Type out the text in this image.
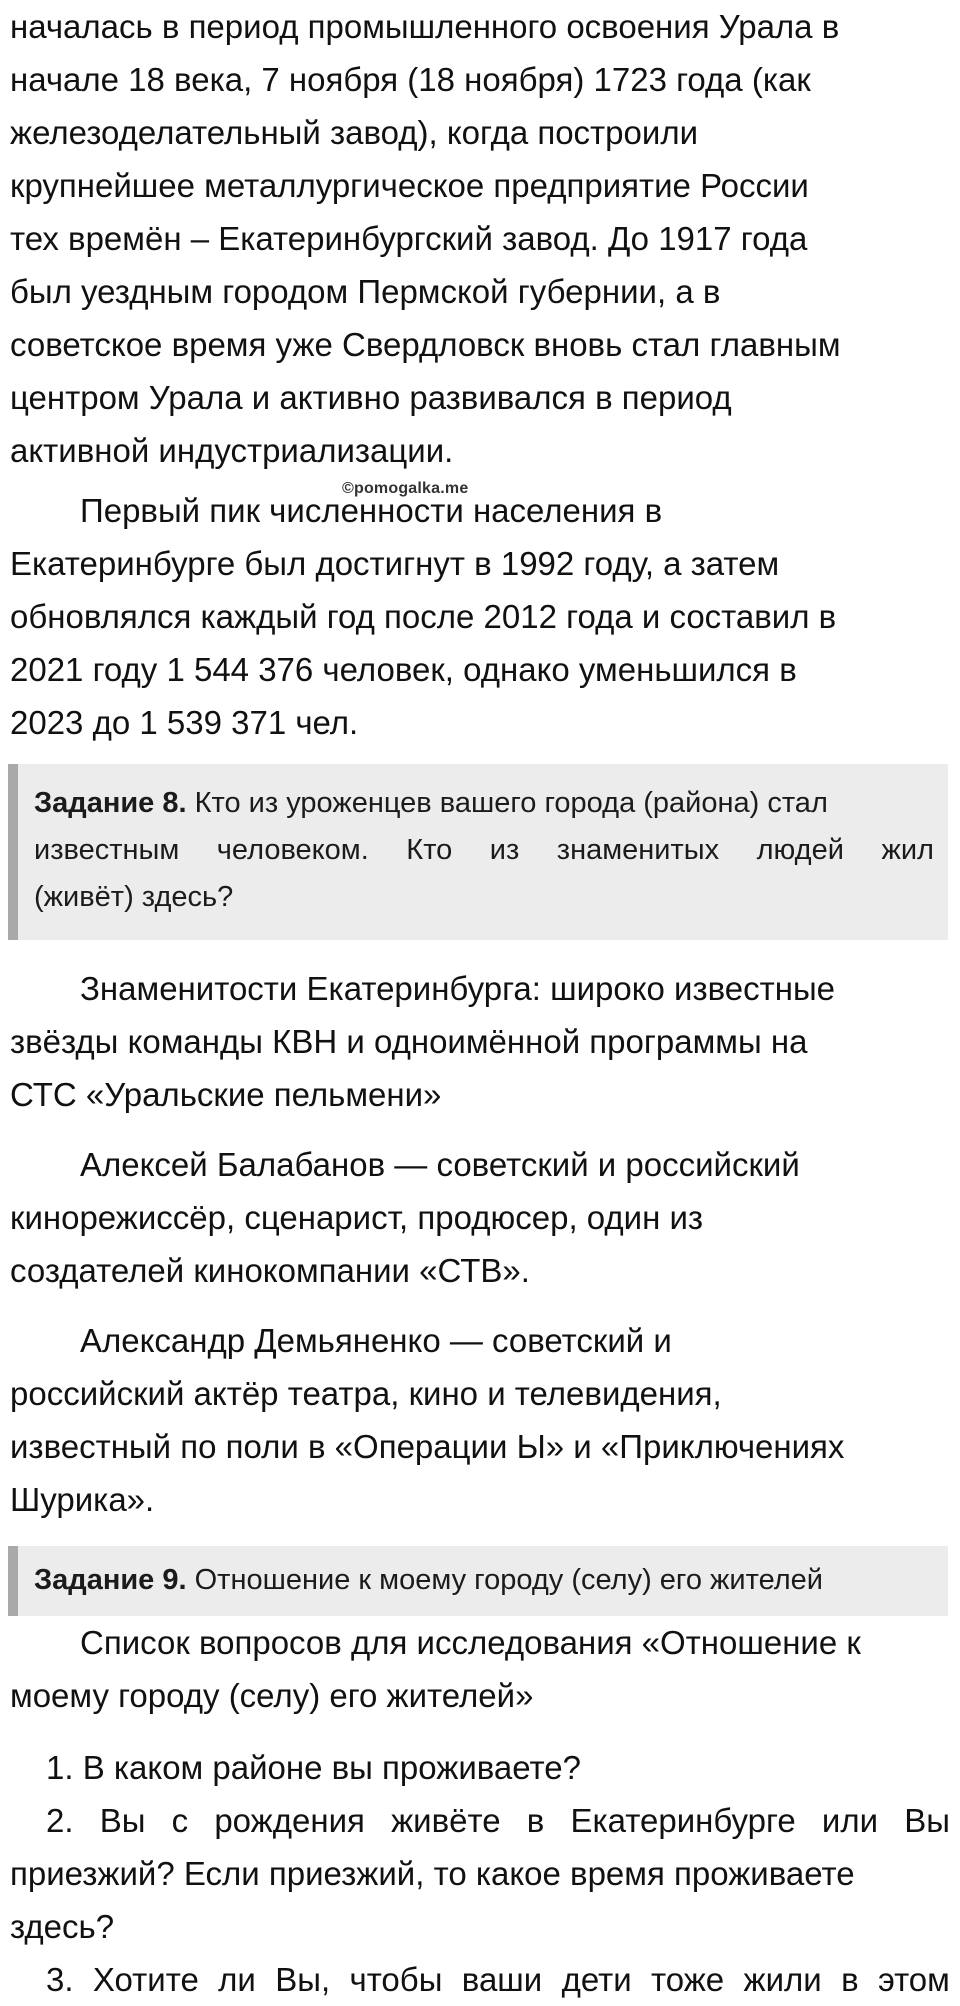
началась в период промышленного освоения Урала в
начале 18 века, 7 ноября (18 ноября) 1723 года (как
железоделательный завод), когда построили
крупнейшее металлургическое предприятие России
тех времён – Екатеринбургский завод. До 1917 года
был уездным городом Пермской губернии, а в
советское время уже Свердловск вновь стал главным
центром Урала и активно развивался в период
активной индустриализации.
©pomogalka.me
Первый пик численности населения в
Екатеринбурге был достигнут в 1992 году, а затем
обновлялся каждый год после 2012 года и составил в
2021 году 1 544 376 человек, однако уменьшился в
2023 до 1 539 371 чел.
Задание 8. Кто из уроженцев вашего города (района) стал
известным человеком. Кто из знаменитых людей жил
(живёт) здесь?
Знаменитости Екатеринбурга: широко известные
звёзды команды КВН и одноимённой программы на
СТС «Уральские пельмени»
Алексей Балабанов — советский и российский
кинорежиссёр, сценарист, продюсер, один из
создателей кинокомпании «СТВ».
Александр Демьяненко — советский и
российский актёр театра, кино и телевидения,
известный по поли в «Операции Ы» и «Приключениях
Шурика».
Задание 9. Отношение к моему городу (селу) его жителей
Список вопросов для исследования «Отношение к
моему городу (селу) его жителей»
1. В каком районе вы проживаете?
2. Вы с рождения живёте в Екатеринбурге или Вы
приезжий? Если приезжий, то какое время проживаете
здесь?
3. Хотите ли Вы, чтобы ваши дети тоже жили в этом
